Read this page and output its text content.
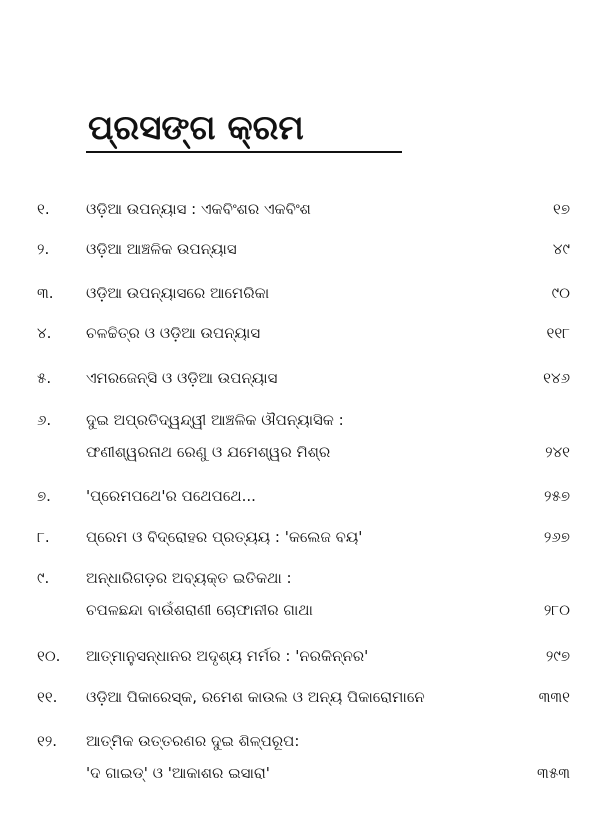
ପ୍ରସଙ୍ଗ କ୍ରମ
୧. ଓଡ଼ିଆ ଉପନ୍ୟାସ : ଏକବିଂଶର ଏକବିଂଶ	୧୭
୨. ଓଡ଼ିଆ ଆଞ୍ଚଳିକ ଉପନ୍ୟାସ	୪୯
୩. ଓଡ଼ିଆ ଉପନ୍ୟାସରେ ଆମେରିକା	୯୦
୪. ଚଳଚ୍ଚିତ୍ର ଓ ଓଡ଼ିଆ ଉପନ୍ୟାସ	୧୧୮
୫. ଏମରଜେନ୍ସି ଓ ଓଡ଼ିଆ ଉପନ୍ୟାସ	୧୪୬
୬. ଦୁଇ ଅପ୍ରତିଦ୍ୱନ୍ଦ୍ୱୀ ଆଞ୍ଚଳିକ ଔପନ୍ୟାସିକ :
ଫଣୀଶ୍ୱରନାଥ ରେଣୁ ଓ ଯମେଶ୍ୱର ମିଶ୍ର	୨୪୧
୭. 'ପ୍ରେମପଥେ'ର ପଥେପଥେ...	୨୫୭
୮. ପ୍ରେମ ଓ ବିଦ୍ରୋହର ପ୍ରତ୍ୟୟ : 'କଲେଜ ବୟ'	୨୬୭
୯. ଅନ୍ଧାରିଗଡ଼ର ଅବ୍ୟକ୍ତ ଇତିକଥା :
ଚପଳଛନ୍ଦା ବାଉଁଶରାଣୀ ଚୋଫାନୀର ଗାଥା	୨୮୦
୧୦. ଆତ୍ମାନୁସନ୍ଧାନର ଅଦୃଶ୍ୟ ମର୍ମର : 'ନରକିନ୍ନର'	୨୯୭
୧୧. ଓଡ଼ିଆ ପିକାରେସ୍କ, ରମେଶ କାଉଲ ଓ ଅନ୍ୟ ପିକାରୋମାନେ	୩୩୧
୧୨. ଆତ୍ମିକ ଉତ୍ତରଣର ଦୁଇ ଶିଳ୍ପରୂପ:
'ଦ ଗାଇଡ୍' ଓ 'ଆକାଶର ଇସାରା'	୩୫୩
